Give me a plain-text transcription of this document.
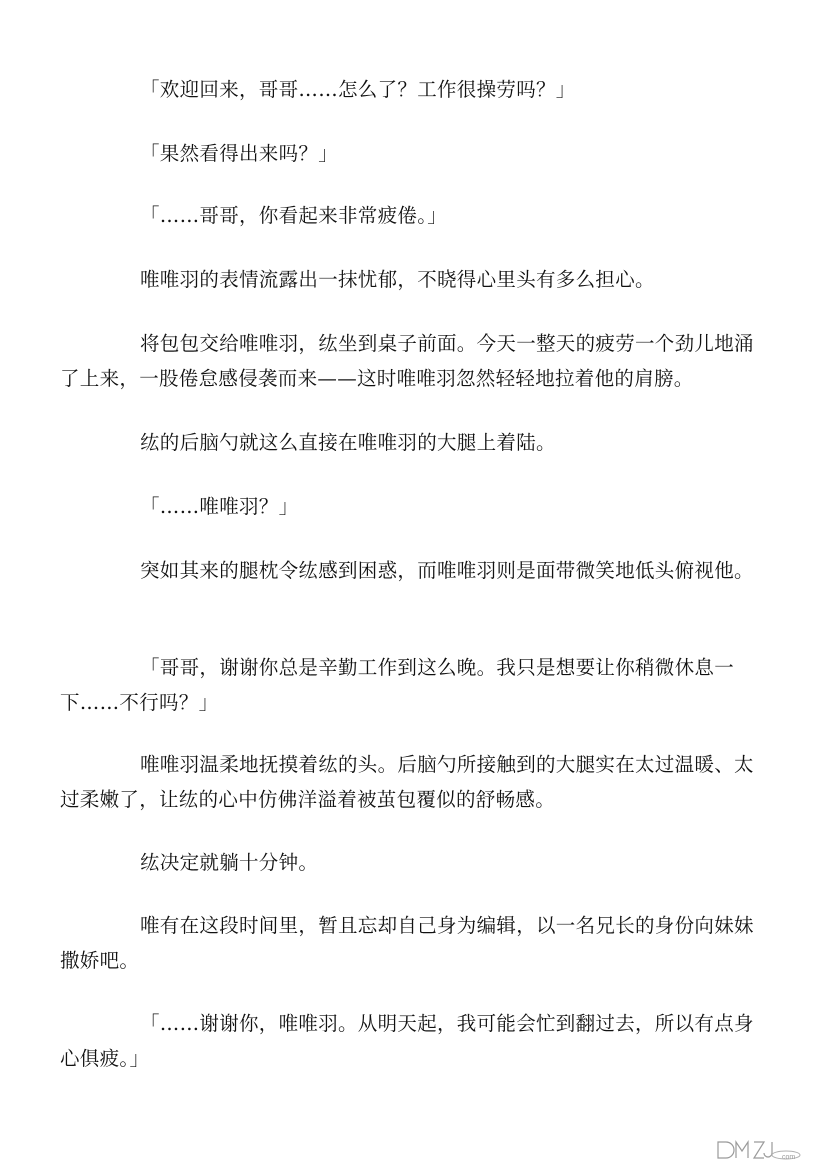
「欢迎回来，哥哥……怎么了？工作很操劳吗？」

「果然看得出来吗？」

「……哥哥，你看起来非常疲倦。」

唯唯羽的表情流露出一抹忧郁，不晓得心里头有多么担心。

将包包交给唯唯羽，纮坐到桌子前面。今天一整天的疲劳一个劲儿地涌了上来，一股倦怠感侵袭而来——这时唯唯羽忽然轻轻地拉着他的肩膀。

纮的后脑勺就这么直接在唯唯羽的大腿上着陆。

「……唯唯羽？」

突如其来的腿枕令纮感到困惑，而唯唯羽则是面带微笑地低头俯视他。

「哥哥，谢谢你总是辛勤工作到这么晚。我只是想要让你稍微休息一下……不行吗？」

唯唯羽温柔地抚摸着纮的头。后脑勺所接触到的大腿实在太过温暖、太过柔嫩了，让纮的心中仿佛洋溢着被茧包覆似的舒畅感。

纮决定就躺十分钟。

唯有在这段时间里，暂且忘却自己身为编辑，以一名兄长的身份向妹妹撒娇吧。

「……谢谢你，唯唯羽。从明天起，我可能会忙到翻过去，所以有点身心俱疲。」

.com
